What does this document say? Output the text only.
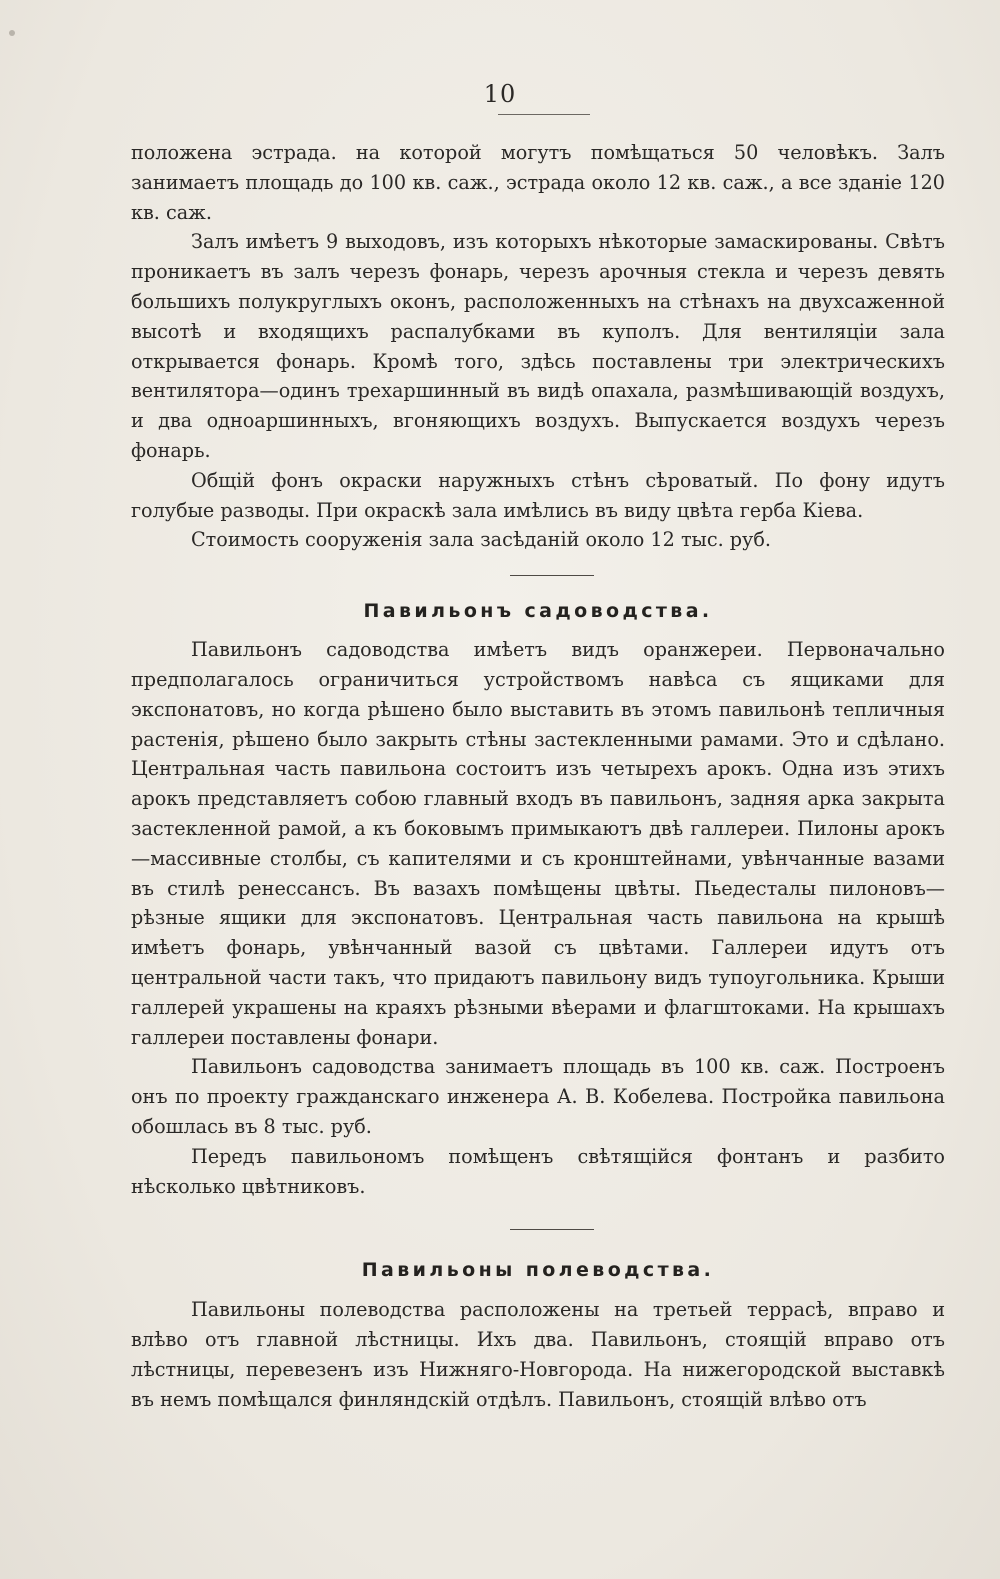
10

положена эстрада. на которой могутъ помѣщаться 50 человѣкъ. Залъ занимаетъ площадь до 100 кв. саж., эстрада около 12 кв. саж., а все зданіе 120 кв. саж.

Залъ имѣетъ 9 выходовъ, изъ которыхъ нѣкоторые замаскированы. Свѣтъ проникаетъ въ залъ черезъ фонарь, черезъ арочныя стекла и черезъ девять большихъ полукруглыхъ оконъ, расположенныхъ на стѣнахъ на двухсаженной высотѣ и входящихъ распалубками въ куполъ. Для вентиляціи зала открывается фонарь. Кромѣ того, здѣсь поставлены три электрическихъ вентилятора—одинъ трехаршинный въ видѣ опахала, размѣшивающій воздухъ, и два одноаршинныхъ, вгоняющихъ воздухъ. Выпускается воздухъ черезъ фонарь.

Общій фонъ окраски наружныхъ стѣнъ сѣроватый. По фону идутъ голубые разводы. При окраскѣ зала имѣлись въ виду цвѣта герба Кіева.

Стоимость сооруженія зала засѣданій около 12 тыс. руб.

Павильонъ садоводства.

Павильонъ садоводства имѣетъ видъ оранжереи. Первоначально предполагалось ограничиться устройствомъ навѣса съ ящиками для экспонатовъ, но когда рѣшено было выставить въ этомъ павильонѣ тепличныя растенія, рѣшено было закрыть стѣны застекленными рамами. Это и сдѣлано. Центральная часть павильона состоитъ изъ четырехъ арокъ. Одна изъ этихъ арокъ представляетъ собою главный входъ въ павильонъ, задняя арка закрыта застекленной рамой, а къ боковымъ примыкаютъ двѣ галлереи. Пилоны арокъ—массивные столбы, съ капителями и съ кронштейнами, увѣнчанные вазами въ стилѣ ренессансъ. Въ вазахъ помѣщены цвѣты. Пьедесталы пилоновъ—рѣзные ящики для экспонатовъ. Центральная часть павильона на крышѣ имѣетъ фонарь, увѣнчанный вазой съ цвѣтами. Галлереи идутъ отъ центральной части такъ, что придаютъ павильону видъ тупоугольника. Крыши галлерей украшены на краяхъ рѣзными вѣерами и флагштоками. На крышахъ галлереи поставлены фонари.

Павильонъ садоводства занимаетъ площадь въ 100 кв. саж. Построенъ онъ по проекту гражданскаго инженера А. В. Кобелева. Постройка павильона обошлась въ 8 тыс. руб.

Передъ павильономъ помѣщенъ свѣтящійся фонтанъ и разбито нѣсколько цвѣтниковъ.

Павильоны полеводства.

Павильоны полеводства расположены на третьей террасѣ, вправо и влѣво отъ главной лѣстницы. Ихъ два. Павильонъ, стоящій вправо отъ лѣстницы, перевезенъ изъ Нижняго-Новгорода. На нижегородской выставкѣ въ немъ помѣщался финляндскій отдѣлъ. Павильонъ, стоящій влѣво отъ
